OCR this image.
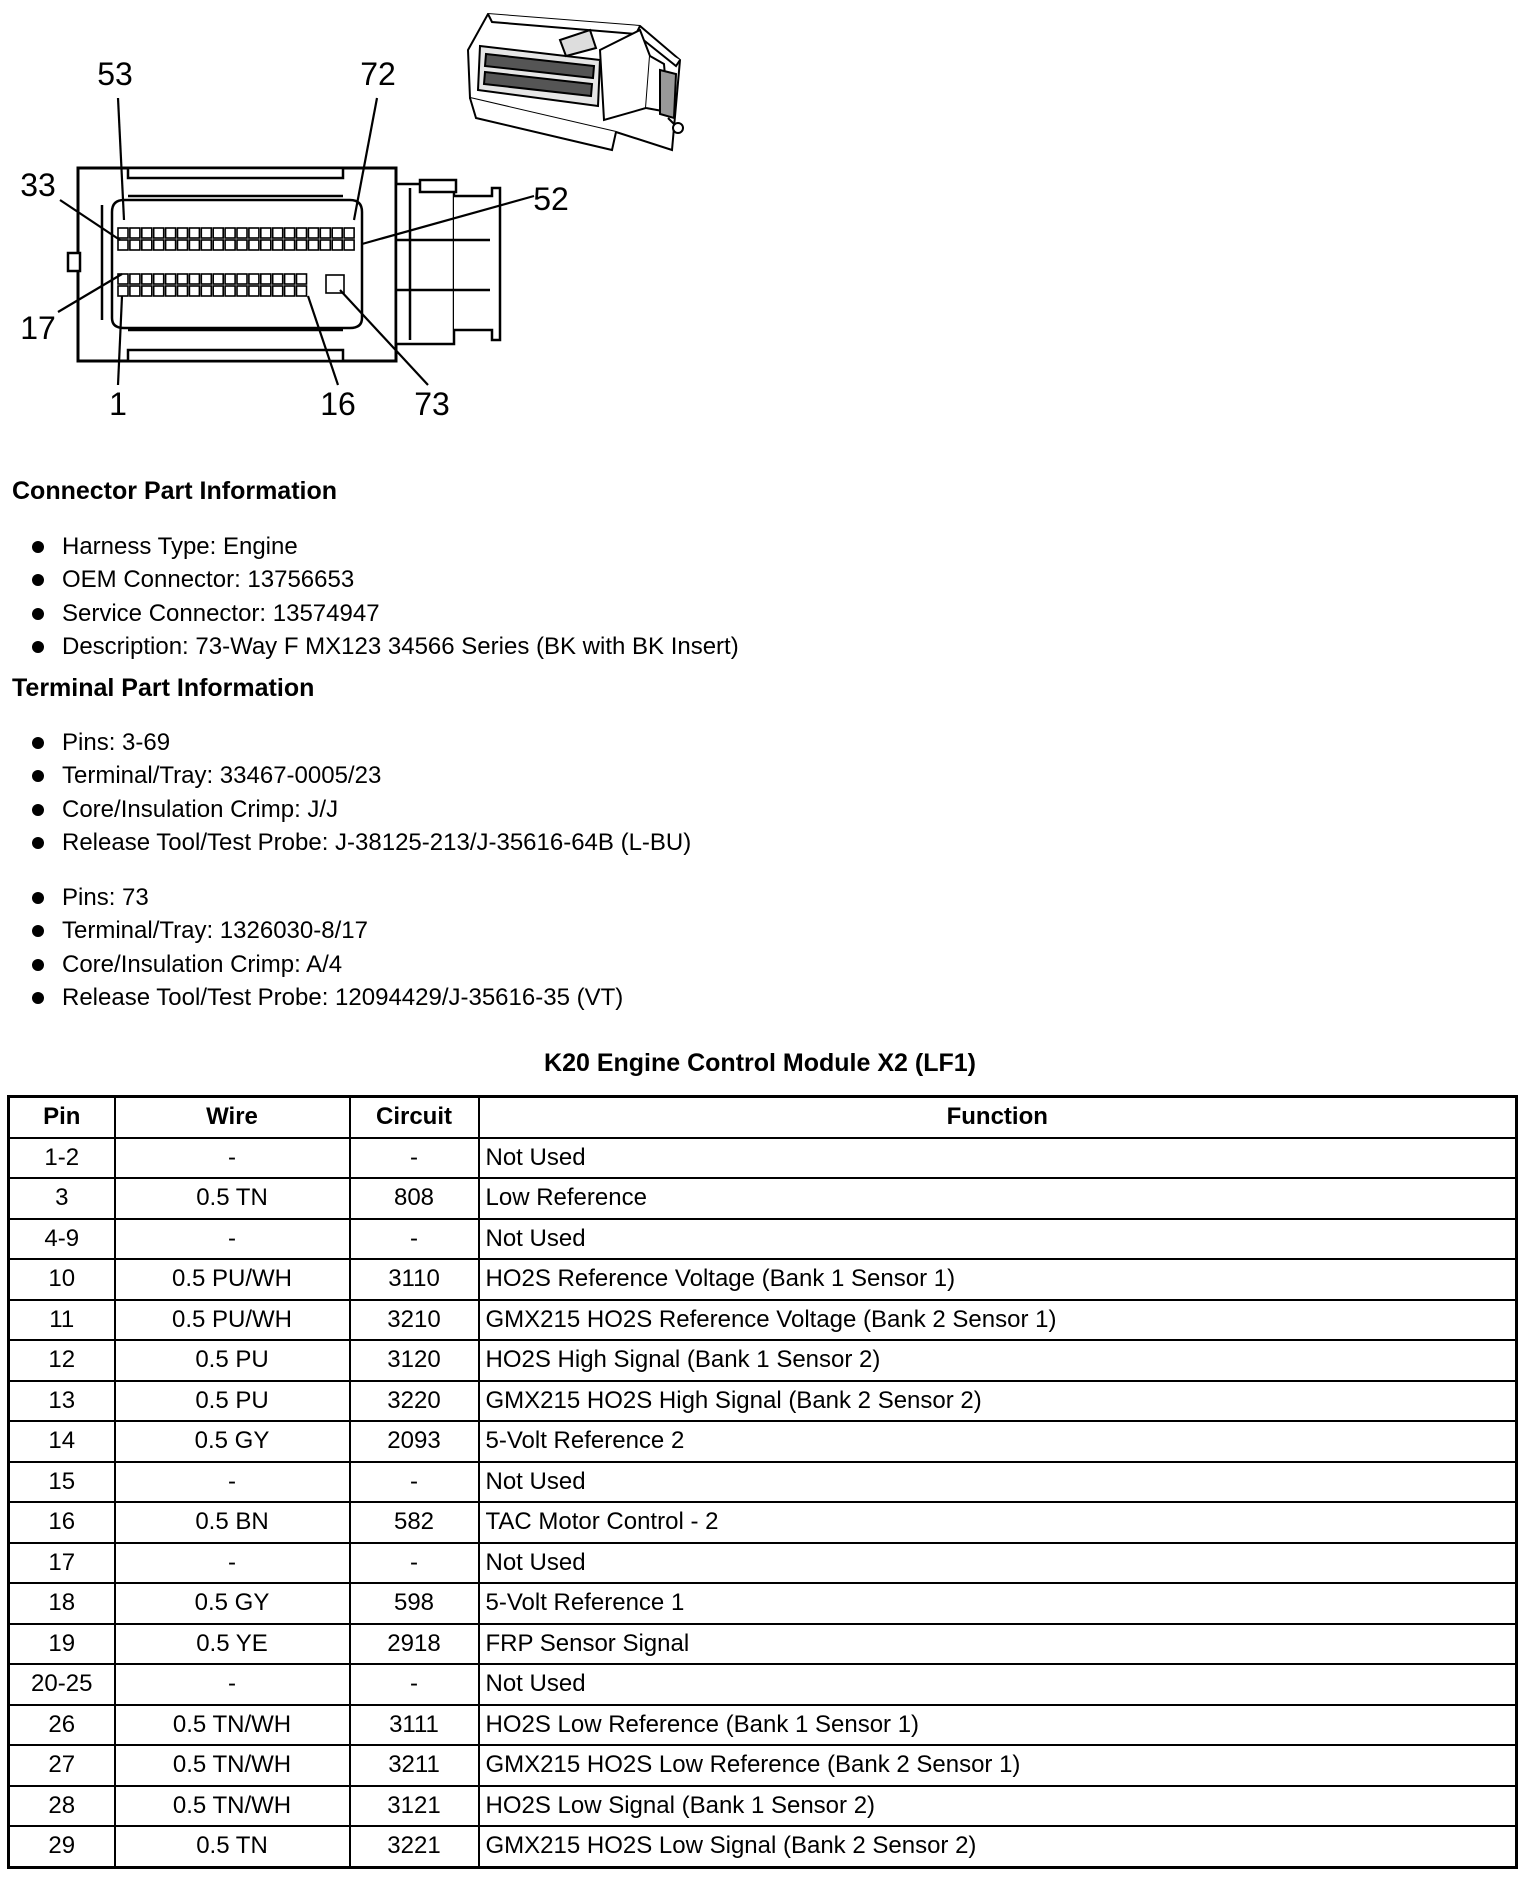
53	72
33	52
17
1	16 73
Connector Part Information
Harness Type: Engine
OEM Connector: 13756653
Service Connector: 13574947
Description: 73-Way F MX123 34566 Series (BK with BK Insert)
Terminal Part Information
Pins: 3-69
Terminal/Tray: 33467-0005/23
Core/Insulation Crimp: J/J
Release Tool/Test Probe: J-38125-213/J-35616-64B (L-BU)
Pins: 73
Terminal/Tray: 1326030-8/17
Core/Insulation Crimp: A/4
Release Tool/Test Probe: 12094429/J-35616-35 (VT)
K20 Engine Control Module X2 (LF1)
Pin	Wire	Circuit	Function
1-2	-	-	Not Used
3	0.5 TN	808	Low Reference
4-9	-	-	Not Used
10	0.5 PU/WH	3110	HO2S Reference Voltage (Bank 1 Sensor 1)
11	0.5 PU/WH	3210	GMX215 HO2S Reference Voltage (Bank 2 Sensor 1)
12	0.5 PU	3120	HO2S High Signal (Bank 1 Sensor 2)
13	0.5 PU	3220	GMX215 HO2S High Signal (Bank 2 Sensor 2)
14	0.5 GY	2093	5-Volt Reference 2
15	-	-	Not Used
16	0.5 BN	582	TAC Motor Control - 2
17	-	-	Not Used
18	0.5 GY	598	5-Volt Reference 1
19	0.5 YE	2918	FRP Sensor Signal
20-25	-	-	Not Used
26	0.5 TN/WH	3111	HO2S Low Reference (Bank 1 Sensor 1)
27	0.5 TN/WH	3211	GMX215 HO2S Low Reference (Bank 2 Sensor 1)
28	0.5 TN/WH	3121	HO2S Low Signal (Bank 1 Sensor 2)
29	0.5 TN	3221	GMX215 HO2S Low Signal (Bank 2 Sensor 2)
